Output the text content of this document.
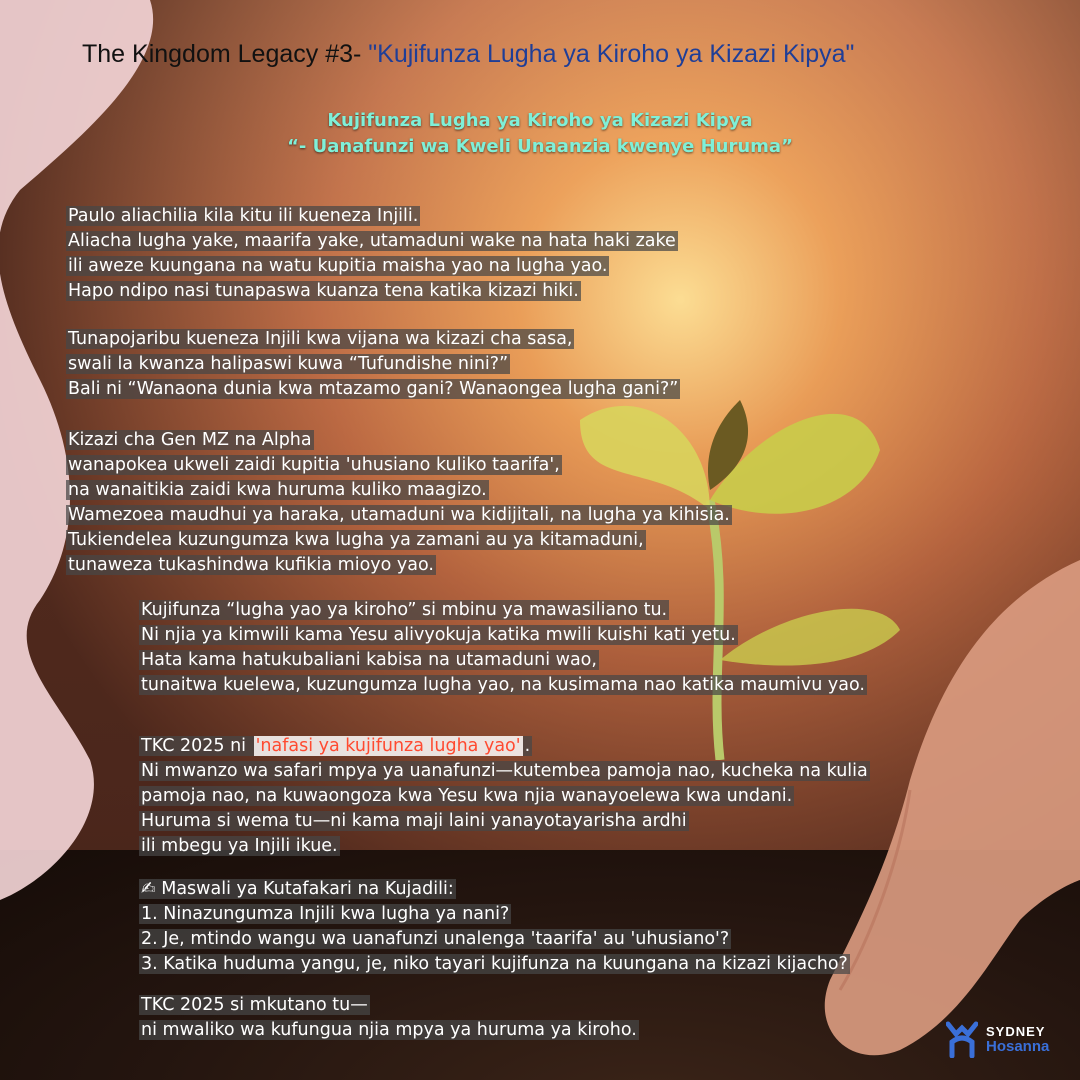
The Kingdom Legacy #3- "Kujifunza Lugha ya Kiroho ya Kizazi Kipya"
Kujifunza Lugha ya Kiroho ya Kizazi Kipya
“- Uanafunzi wa Kweli Unaanzia kwenye Huruma”
Paulo aliachilia kila kitu ili kueneza Injili.
Aliacha lugha yake, maarifa yake, utamaduni wake na hata haki zake
ili aweze kuungana na watu kupitia maisha yao na lugha yao.
Hapo ndipo nasi tunapaswa kuanza tena katika kizazi hiki.
Tunapojaribu kueneza Injili kwa vijana wa kizazi cha sasa,
swali la kwanza halipaswi kuwa “Tufundishe nini?”
Bali ni “Wanaona dunia kwa mtazamo gani? Wanaongea lugha gani?”
Kizazi cha Gen MZ na Alpha
wanapokea ukweli zaidi kupitia 'uhusiano kuliko taarifa',
na wanaitikia zaidi kwa huruma kuliko maagizo.
Wamezoea maudhui ya haraka, utamaduni wa kidijitali, na lugha ya kihisia.
Tukiendelea kuzungumza kwa lugha ya zamani au ya kitamaduni,
tunaweza tukashindwa kufikia mioyo yao.
Kujifunza “lugha yao ya kiroho” si mbinu ya mawasiliano tu.
Ni njia ya kimwili kama Yesu alivyokuja katika mwili kuishi kati yetu.
Hata kama hatukubaliani kabisa na utamaduni wao,
tunaitwa kuelewa, kuzungumza lugha yao, na kusimama nao katika maumivu yao.
TKC 2025 ni 'nafasi ya kujifunza lugha yao' .
Ni mwanzo wa safari mpya ya uanafunzi—kutembea pamoja nao, kucheka na kulia
pamoja nao, na kuwaongoza kwa Yesu kwa njia wanayoelewa kwa undani.
Huruma si wema tu—ni kama maji laini yanayotayarisha ardhi
ili mbegu ya Injili ikue.
✍ Maswali ya Kutafakari na Kujadili:
1. Ninazungumza Injili kwa lugha ya nani?
2. Je, mtindo wangu wa uanafunzi unalenga 'taarifa' au 'uhusiano'?
3. Katika huduma yangu, je, niko tayari kujifunza na kuungana na kizazi kijacho?
TKC 2025 si mkutano tu—
ni mwaliko wa kufungua njia mpya ya huruma ya kiroho.	SYDNEY
Hosanna
